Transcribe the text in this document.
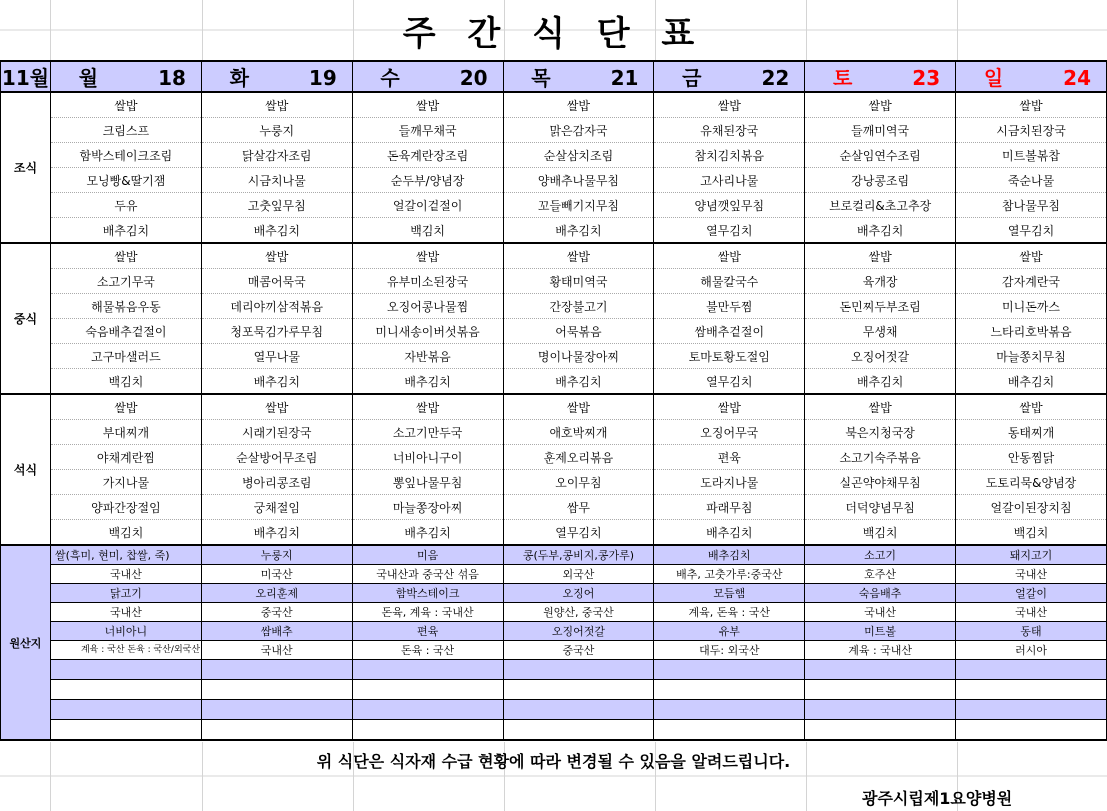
주 간 식 단 표
11월	월 18	화 19	수 20	목 21	금 22	토 23	일 24
조식	쌀밥	쌀밥	쌀밥	쌀밥	쌀밥	쌀밥	쌀밥
	크림스프	누룽지	들깨무채국	맑은감자국	유채된장국	들깨미역국	시금치된장국
	함박스테이크조림	닭살감자조림	돈육계란장조림	순살삼치조림	참치김치볶음	순살임연수조림	미트볼볶찹
	모닝빵&딸기잼	시금치나물	순두부/양념장	양배추나물무침	고사리나물	강낭콩조림	죽순나물
	두유	고춧잎무침	얼갈이겉절이	꼬들빼기지무침	양념깻잎무침	브로컬리&초고추장	참나물무침
	배추김치	배추김치	백김치	배추김치	열무김치	배추김치	열무김치
중식	쌀밥	쌀밥	쌀밥	쌀밥	쌀밥	쌀밥	쌀밥
	소고기무국	매콤어묵국	유부미소된장국	황태미역국	해물칼국수	육개장	감자계란국
	해물볶음우동	데리야끼삼적볶음	오징어콩나물찜	간장불고기	불만두찜	돈민찌두부조림	미니돈까스
	숙음배추겉절이	청포묵김가루무침	미니새송이버섯볶음	어묵볶음	쌈배추겉절이	무생채	느타리호박볶음
	고구마샐러드	열무나물	자반볶음	명이나물장아찌	토마토황도절임	오징어젓갈	마늘쫑치무침
	백김치	배추김치	배추김치	배추김치	열무김치	배추김치	배추김치
석식	쌀밥	쌀밥	쌀밥	쌀밥	쌀밥	쌀밥	쌀밥
	부대찌개	시래기된장국	소고기만두국	애호박찌개	오징어무국	북은지청국장	동태찌개
	야채계란찜	순살방어무조림	너비아니구이	훈제오리볶음	편육	소고기숙주볶음	안동찜닭
	가지나물	병아리콩조림	뽕잎나물무침	오이무침	도라지나물	실곤약야채무침	도토리묵&양념장
	양파간장절임	궁채절임	마늘쫑장아찌	쌈무	파래무침	더덕양념무침	얼갈이된장치침
	백김치	배추김치	배추김치	열무김치	배추김치	백김치	백김치
원산지	쌀(흑미, 현미, 찹쌀, 죽)	누룽지	미음	콩(두부,콩비지,콩가루)	배추김치	소고기	돼지고기
	국내산	미국산	국내산과 중국산 섞음	외국산	배추, 고춧가루:중국산	호주산	국내산
	닭고기	오리훈제	함박스테이크	오징어	모듬햄	숙음배추	얼갈이
	국내산	중국산	돈육, 계육 : 국내산	원양산, 중국산	계육, 돈육 : 국산	국내산	국내산
	너비아니	쌈배추	편육	오징어젓갈	유부	미트볼	동태
	계육 : 국산 돈육 : 국산/외국산	국내산	돈육 : 국산	중국산	대두: 외국산	계육 : 국내산	러시아

위 식단은 식자재 수급 현황에 따라 변경될 수 있음을 알려드립니다.
광주시립제1요양병원
